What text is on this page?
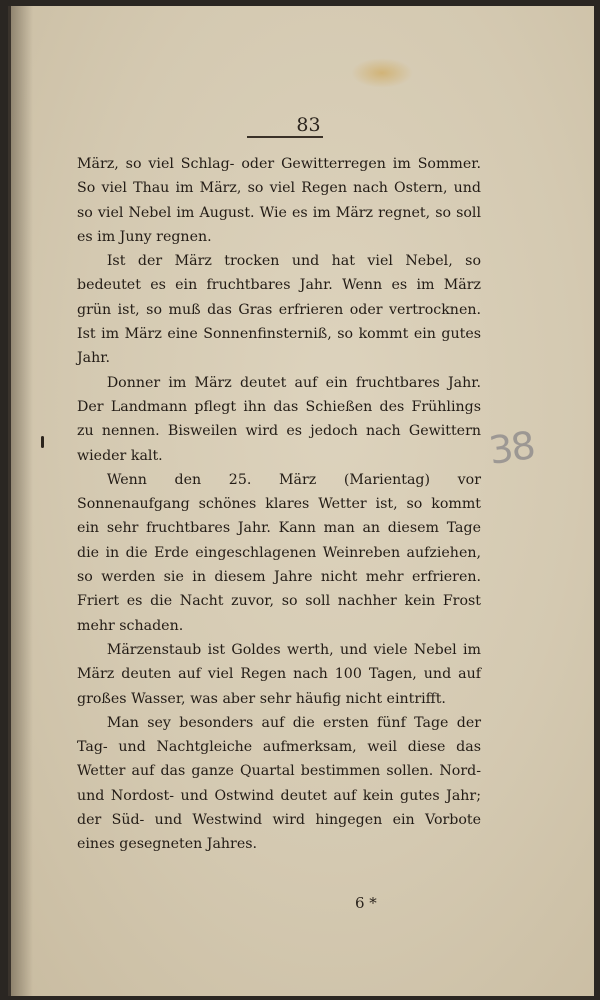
83

März, so viel Schlag- oder Gewitterregen im Sommer. So viel Thau im März, so viel Regen nach Ostern, und so viel Nebel im August. Wie es im März regnet, so soll es im Juny regnen.

Ist der März trocken und hat viel Nebel, so bedeutet es ein fruchtbares Jahr. Wenn es im März grün ist, so muß das Gras erfrieren oder vertrocknen. Ist im März eine Sonnenfinsterniß, so kommt ein gutes Jahr.

Donner im März deutet auf ein fruchtbares Jahr. Der Landmann pflegt ihn das Schießen des Frühlings zu nennen. Bisweilen wird es jedoch nach Gewittern wieder kalt.

Wenn den 25. März (Marientag) vor Sonnenaufgang schönes klares Wetter ist, so kommt ein sehr fruchtbares Jahr. Kann man an diesem Tage die in die Erde eingeschlagenen Weinreben aufziehen, so werden sie in diesem Jahre nicht mehr erfrieren. Friert es die Nacht zuvor, so soll nachher kein Frost mehr schaden.

Märzenstaub ist Goldes werth, und viele Nebel im März deuten auf viel Regen nach 100 Tagen, und auf großes Wasser, was aber sehr häufig nicht eintrifft.

Man sey besonders auf die ersten fünf Tage der Tag- und Nachtgleiche aufmerksam, weil diese das Wetter auf das ganze Quartal bestimmen sollen. Nord- und Nordost- und Ostwind deutet auf kein gutes Jahr; der Süd- und Westwind wird hingegen ein Vorbote eines gesegneten Jahres.

38
6 *
